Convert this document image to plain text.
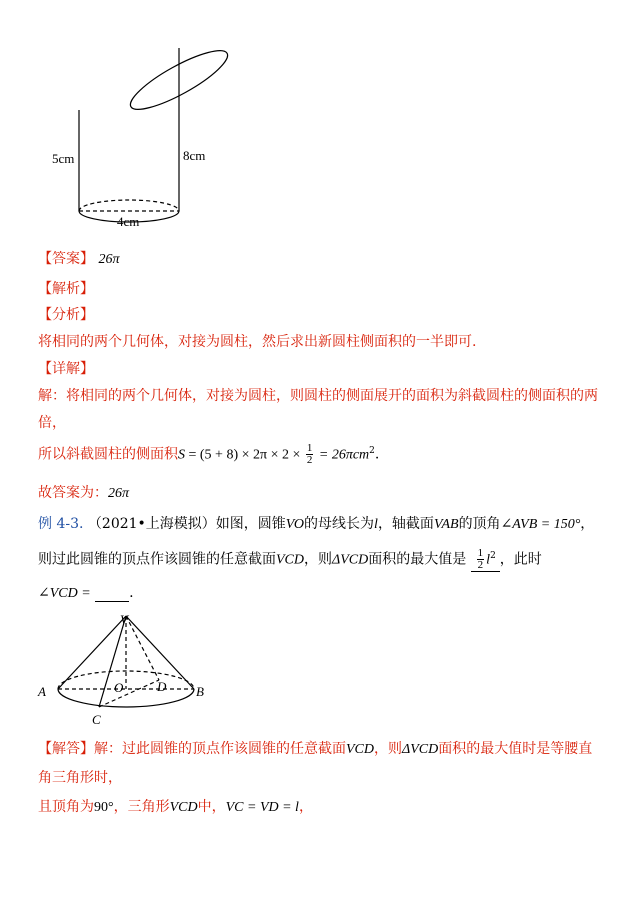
5cm	8cm
4cm
【答案】 26π
【解析】
【分析】
将相同的两个几何体，对接为圆柱，然后求出新圆柱侧面积的一半即可.
【详解】
解：将相同的两个几何体，对接为圆柱，则圆柱的侧面展开的面积为斜截圆柱的侧面积的两
倍，
所以斜截圆柱的侧面积$S = (5 + 8) \times 2\pi \times 2 \times \frac{1}{2} = 26\pi cm^2$.
故答案为：26π
例 4-3. （2021•上海模拟）如图，圆锥VO的母线长为l，轴截面VAB的顶角∠AVB = 150°，
则过此圆锥的顶点作该圆锥的任意截面VCD，则ΔVCD面积的最大值是 $\frac{1}{2} l^2$ ，此时
∠VCD =	.
V
A	B
O	D
C
【解答】解：过此圆锥的顶点作该圆锥的任意截面VCD，则ΔVCD面积的最大值时是等腰直
角三角形时，
且顶角为90°，三角形VCD中，VC = VD = l，
